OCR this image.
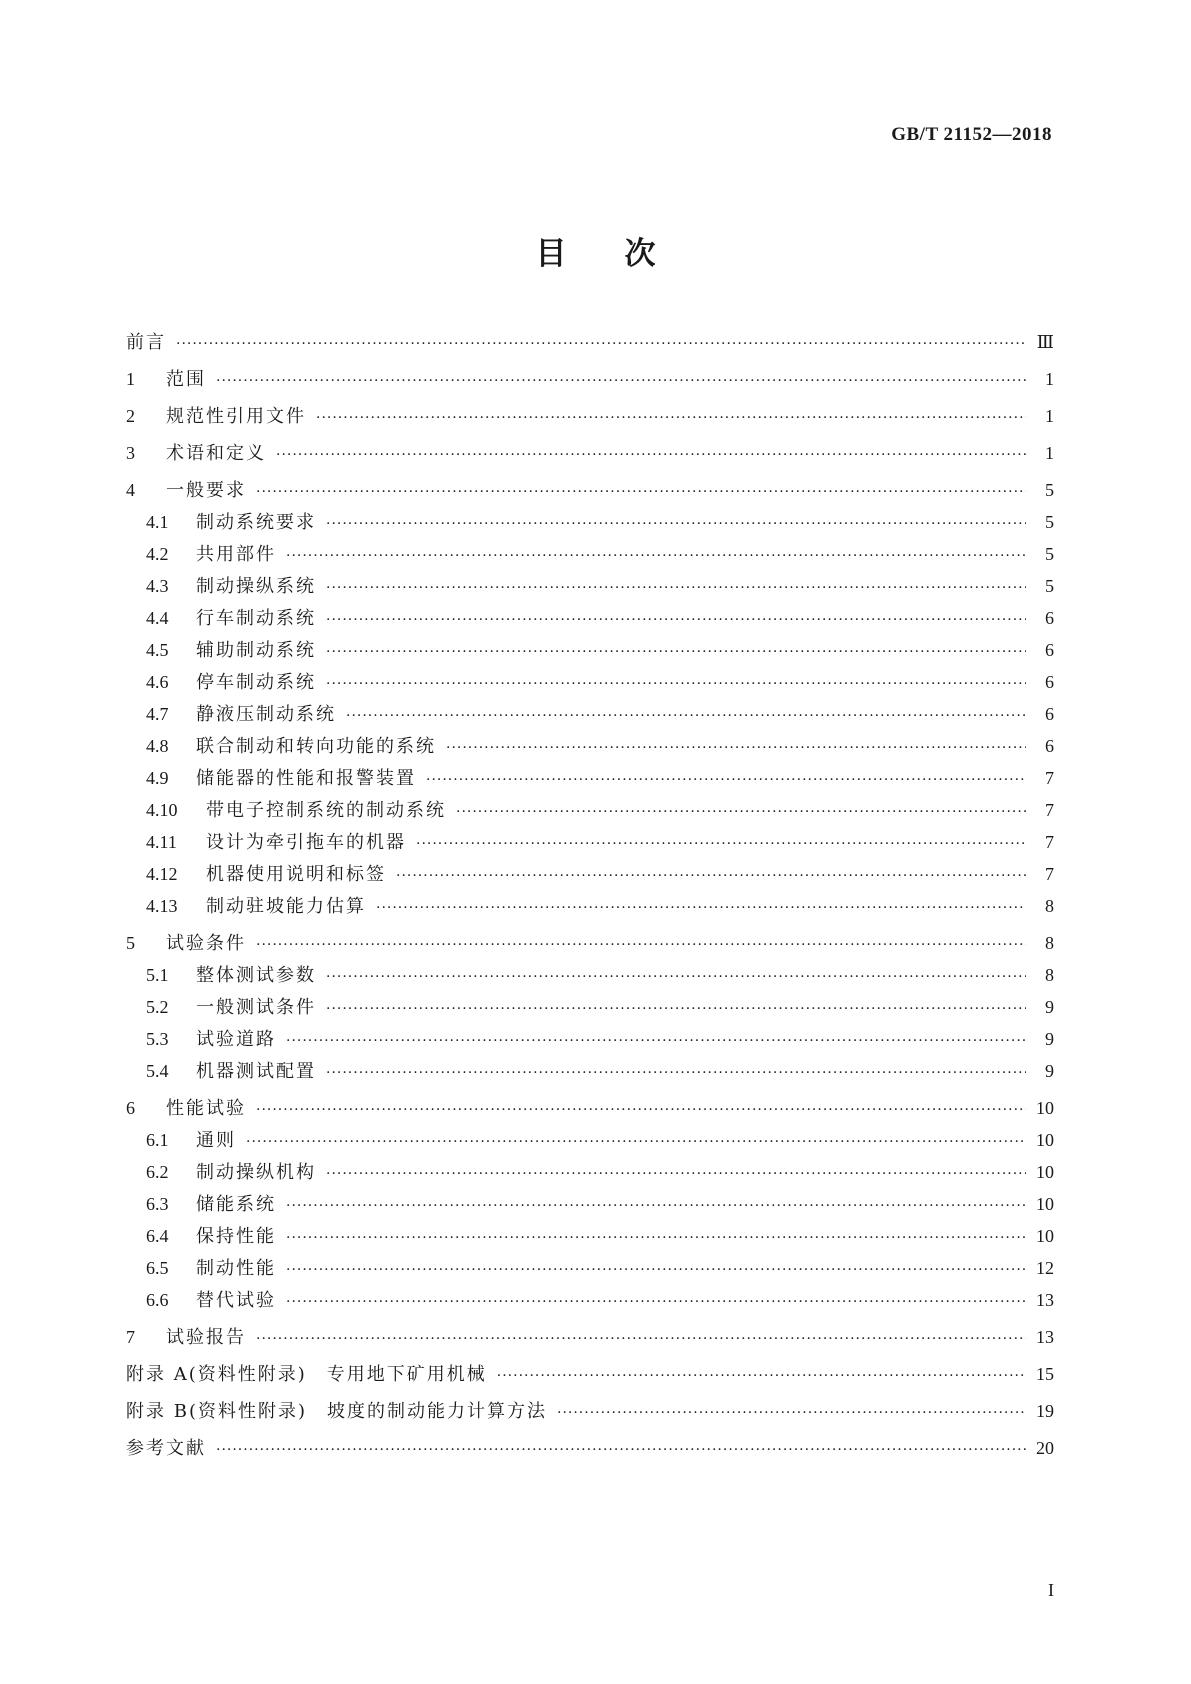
GB/T 21152—2018
目次
前言 ·····	Ⅲ
1	范围 ·····	1
2	规范性引用文件 ·····	1
3	术语和定义 ·····	1
4	一般要求 ·····	5
4.1	制动系统要求 ·····	5
4.2	共用部件 ·····	5
4.3	制动操纵系统 ·····	5
4.4	行车制动系统 ·····	6
4.5	辅助制动系统 ·····	6
4.6	停车制动系统 ·····	6
4.7	静液压制动系统 ·····	6
4.8	联合制动和转向功能的系统 ·····	6
4.9	储能器的性能和报警装置 ·····	7
4.10	带电子控制系统的制动系统 ·····	7
4.11	设计为牵引拖车的机器 ·····	7
4.12	机器使用说明和标签 ·····	7
4.13	制动驻坡能力估算 ·····	8
5	试验条件 ·····	8
5.1	整体测试参数 ·····	8
5.2	一般测试条件 ·····	9
5.3	试验道路 ·····	9
5.4	机器测试配置 ·····	9
6	性能试验 ·····	10
6.1	通则 ·····	10
6.2	制动操纵机构 ·····	10
6.3	储能系统 ·····	10
6.4	保持性能 ·····	10
6.5	制动性能 ·····	12
6.6	替代试验 ·····	13
7	试验报告 ·····	13
附录 A(资料性附录)　专用地下矿用机械 ·····	15
附录 B(资料性附录)　坡度的制动能力计算方法 ·····	19
参考文献 ·····	20
I
